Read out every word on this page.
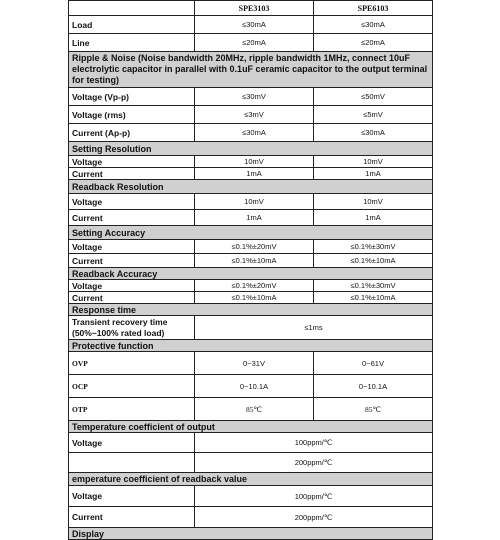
	SPE3103	SPE6103
Load	≤30mA	≤30mA
Line	≤20mA	≤20mA
Ripple & Noise (Noise bandwidth 20MHz, ripple bandwidth 1MHz, connect 10uF electrolytic capacitor in parallel with 0.1uF ceramic capacitor to the output terminal for testing)		
Voltage (Vp-p)	≤30mV	≤50mV
Voltage (rms)	≤3mV	≤5mV
Current (Ap-p)	≤30mA	≤30mA
Setting Resolution		
Voltage	10mV	10mV
Current	1mA	1mA
Readback Resolution		
Voltage	10mV	10mV
Current	1mA	1mA
Setting Accuracy		
Voltage	≤0.1%±20mV	≤0.1%±30mV
Current	≤0.1%±10mA	≤0.1%±10mA
Readback Accuracy		
Voltage	≤0.1%±20mV	≤0.1%±30mV
Current	≤0.1%±10mA	≤0.1%±10mA
Response time		
Transient recovery time (50%~100% rated load)	≤1ms	
Protective function		
OVP	0~31V	0~61V
OCP	0~10.1A	0~10.1A
OTP	85℃	85℃
Temperature coefficient of output		
Voltage	100ppm/℃	
	200ppm/℃	
emperature coefficient of readback value		
Voltage	100ppm/℃	
Current	200ppm/℃	
Display		
